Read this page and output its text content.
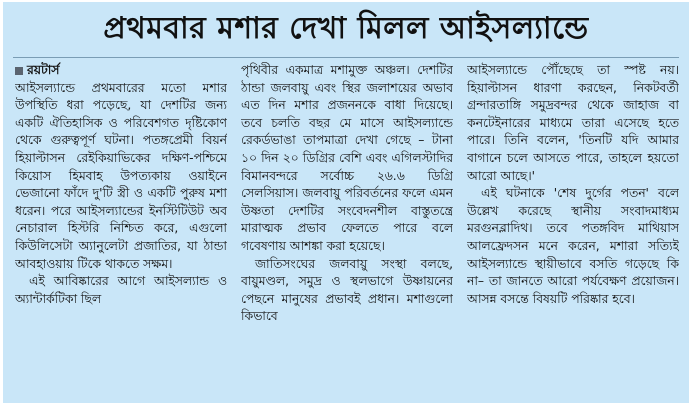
প্রথমবার মশার দেখা মিলল আইসল্যান্ডে
রয়টার্স

আইসল্যান্ডে প্রথমবারের মতো মশার উপস্থিতি ধরা পড়েছে, যা দেশটির জন্য একটি ঐতিহাসিক ও পরিবেশগত দৃষ্টিকোণ থেকে গুরুত্বপূর্ণ ঘটনা। পতঙ্গপ্রেমী বিয়র্ন হিয়াল্টাসন রেইকিয়াভিকের দক্ষিণ-পশ্চিমে কিয়োস হিমবাহ উপত্যকায় ওয়াইনে ভেজানো ফাঁদে দু'টি স্ত্রী ও একটি পুরুষ মশা ধরেন। পরে আইসল্যান্ডের ইনস্টিটিউট অব নেচারাল হিস্টরি নিশ্চিত করে, এগুলো কিউলিসেটা অ্যানুলেটা প্রজাতির, যা ঠান্ডা আবহাওয়ায় টিকে থাকতে সক্ষম।

এই আবিষ্কারের আগে আইসল্যান্ড ও অ্যান্টার্কটিকা ছিল

পৃথিবীর একমাত্র মশামুক্ত অঞ্চল। দেশটির ঠান্ডা জলবায়ু এবং স্থির জলাশয়ের অভাব এত দিন মশার প্রজননকে বাধা দিয়েছে। তবে চলতি বছর মে মাসে আইসল্যান্ডে রেকর্ডভাঙা তাপমাত্রা দেখা গেছে – টানা ১০ দিন ২০ ডিগ্রির বেশি এবং এগিলস্টাদির বিমানবন্দরে সর্বোচ্চ ২৬.৬ ডিগ্রি সেলসিয়াস। জলবায়ু পরিবর্তনের ফলে এমন উষ্ণতা দেশটির সংবেদনশীল বাস্তুতন্ত্রে মারাত্মক প্রভাব ফেলতে পারে বলে গবেষণায় আশঙ্কা করা হয়েছে।

জাতিসংঘের জলবায়ু সংস্থা বলছে, বায়ুমণ্ডল, সমুদ্র ও স্থলভাগে উষ্ণায়নের পেছনে মানুষের প্রভাবই প্রধান। মশাগুলো কিভাবে

আইসল্যান্ডে পৌঁছেছে তা স্পষ্ট নয়। হিয়াল্টাসন ধারণা করছেন, নিকটবর্তী গ্রন্দারতাঙ্গি সমুদ্রবন্দর থেকে জাহাজ বা কনটেইনারের মাধ্যমে তারা এসেছে হতে পারে। তিনি বলেন, 'তিনটি যদি আমার বাগানে চলে আসতে পারে, তাহলে হয়তো আরো আছে।'

এই ঘটনাকে 'শেষ দুর্গের পতন' বলে উল্লেখ করেছে স্থানীয় সংবাদমাধ্যম মরগুনব্লাদিথ। তবে পতঙ্গবিদ মাথিয়াস আলফ্রেদসন মনে করেন, মশারা সত্যিই আইসল্যান্ডে স্থায়ীভাবে বসতি গড়েছে কি না– তা জানতে আরো পর্যবেক্ষণ প্রয়োজন। আসন্ন বসন্তে বিষয়টি পরিষ্কার হবে।
